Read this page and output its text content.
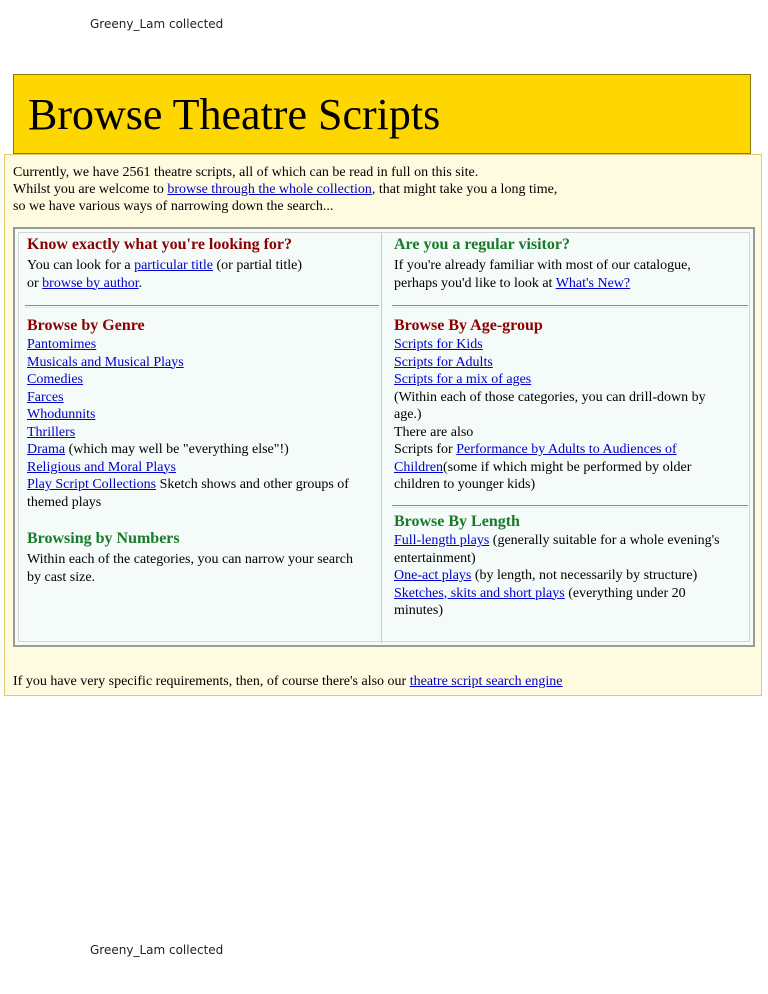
Greeny_Lam collected
Browse Theatre Scripts
Currently, we have 2561 theatre scripts, all of which can be read in full on this site.
Whilst you are welcome to browse through the whole collection, that might take you a long time,
so we have various ways of narrowing down the search...
Know exactly what you're looking for?
You can look for a particular title (or partial title)
or browse by author.
Browse by Genre
Pantomimes
Musicals and Musical Plays
Comedies
Farces
Whodunnits
Thrillers
Drama (which may well be "everything else"!)
Religious and Moral Plays
Play Script Collections Sketch shows and other groups of
themed plays
Browsing by Numbers
Within each of the categories, you can narrow your search
by cast size.
Are you a regular visitor?
If you're already familiar with most of our catalogue,
perhaps you'd like to look at What's New?
Browse By Age-group
Scripts for Kids
Scripts for Adults
Scripts for a mix of ages
(Within each of those categories, you can drill-down by
age.)
There are also
Scripts for Performance by Adults to Audiences of
Children(some if which might be performed by older
children to younger kids)
Browse By Length
Full-length plays (generally suitable for a whole evening's
entertainment)
One-act plays (by length, not necessarily by structure)
Sketches, skits and short plays (everything under 20
minutes)
If you have very specific requirements, then, of course there's also our theatre script search engine
Greeny_Lam collected
